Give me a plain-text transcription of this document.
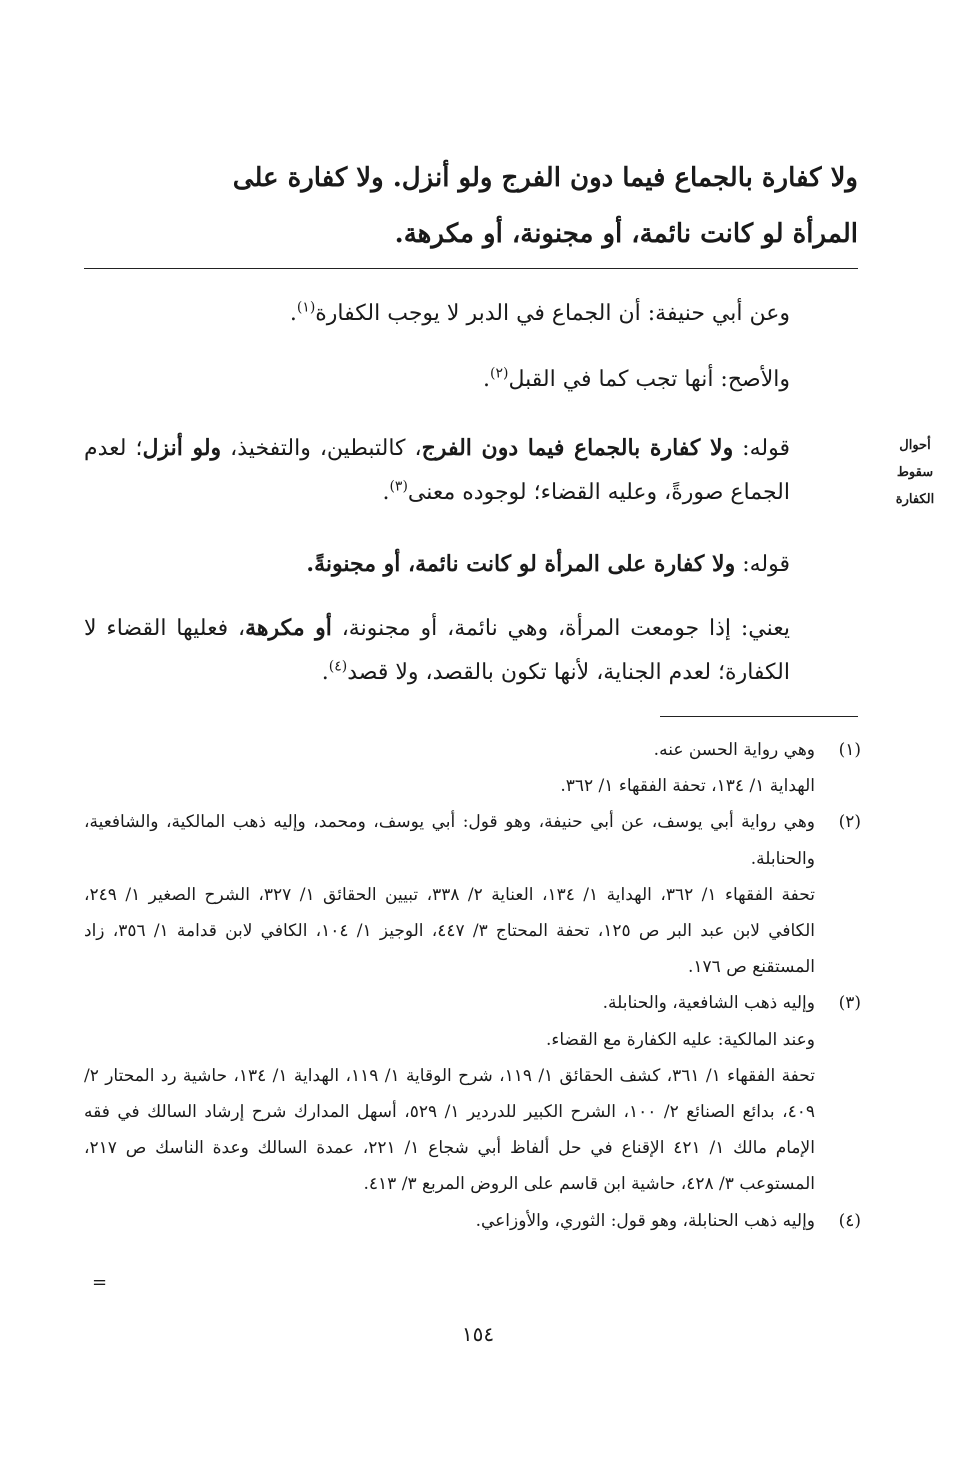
ولا كفارة بالجماع فيما دون الفرج ولو أنزل. ولا كفارة على

المرأة لو كانت نائمة، أو مجنونة، أو مكرهة.

وعن أبي حنيفة: أن الجماع في الدبر لا يوجب الكفارة$^{(١)}$.

والأصح: أنها تجب كما في القبل$^{(٢)}$.

قوله: ولا كفارة بالجماع فيما دون الفرج، كالتبطين، والتفخيذ، ولو أنزل؛ لعدم الجماع صورةً، وعليه القضاء؛ لوجوده معنى$^{(٣)}$.

قوله: ولا كفارة على المرأة لو كانت نائمة، أو مجنونةً.

يعني: إذا جومعت المرأة، وهي نائمة، أو مجنونة، أو مكرهة، فعليها القضاء لا الكفارة؛ لعدم الجناية، لأنها تكون بالقصد، ولا قصد$^{(٤)}$.

أحوال
سقوط
الكفارة
(١)

وهي رواية الحسن عنه.

الهداية ١/ ١٣٤، تحفة الفقهاء ١/ ٣٦٢.

(٢)

وهي رواية أبي يوسف، عن أبي حنيفة، وهو قول: أبي يوسف، ومحمد، وإليه ذهب المالكية، والشافعية، والحنابلة.

تحفة الفقهاء ١/ ٣٦٢، الهداية ١/ ١٣٤، العناية ٢/ ٣٣٨، تبيين الحقائق ١/ ٣٢٧، الشرح الصغير ١/ ٢٤٩، الكافي لابن عبد البر ص ١٢٥، تحفة المحتاج ٣/ ٤٤٧، الوجيز ١/ ١٠٤، الكافي لابن قدامة ١/ ٣٥٦، زاد المستقنع ص ١٧٦.

(٣)

وإليه ذهب الشافعية، والحنابلة.

وعند المالكية: عليه الكفارة مع القضاء.

تحفة الفقهاء ١/ ٣٦١، كشف الحقائق ١/ ١١٩، شرح الوقاية ١/ ١١٩، الهداية ١/ ١٣٤، حاشية رد المحتار ٢/ ٤٠٩، بدائع الصنائع ٢/ ١٠٠، الشرح الكبير للدردير ١/ ٥٢٩، أسهل المدارك شرح إرشاد السالك في فقه الإمام مالك ١/ ٤٢١ الإقناع في حل ألفاظ أبي شجاع ١/ ٢٢١، عمدة السالك وعدة الناسك ص ٢١٧، المستوعب ٣/ ٤٢٨، حاشية ابن قاسم على الروض المربع ٣/ ٤١٣.

(٤)

وإليه ذهب الحنابلة، وهو قول: الثوري، والأوزاعي.

=
١٥٤
